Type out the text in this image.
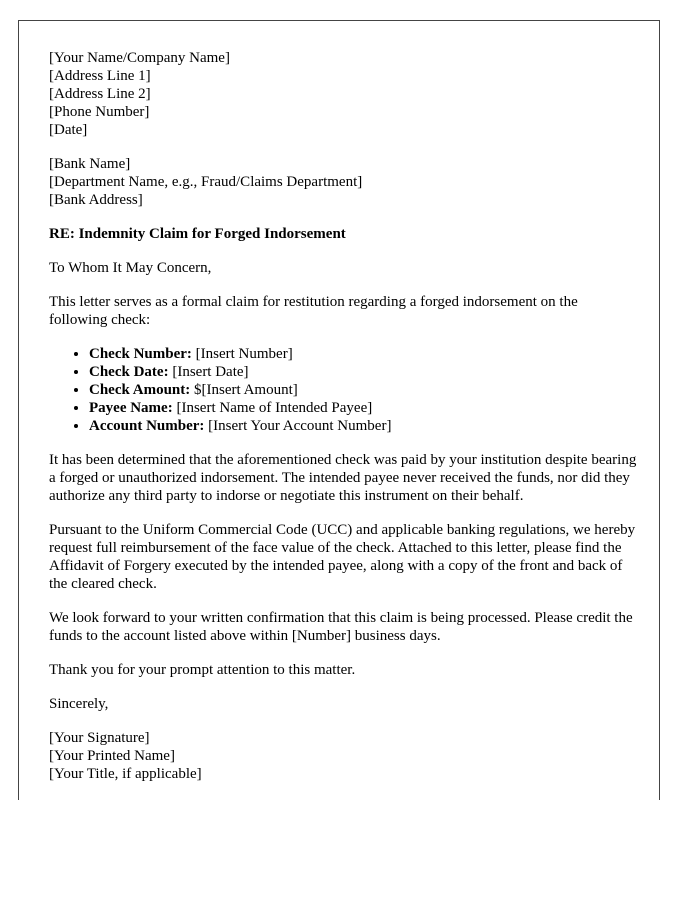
[Your Name/Company Name]
[Address Line 1]
[Address Line 2]
[Phone Number]
[Date]
[Bank Name]
[Department Name, e.g., Fraud/Claims Department]
[Bank Address]
RE: Indemnity Claim for Forged Indorsement

To Whom It May Concern,

This letter serves as a formal claim for restitution regarding a forged indorsement on the following check:

• Check Number: [Insert Number]
• Check Date: [Insert Date]
• Check Amount: $[Insert Amount]
• Payee Name: [Insert Name of Intended Payee]
• Account Number: [Insert Your Account Number]

It has been determined that the aforementioned check was paid by your institution despite bearing a forged or unauthorized indorsement. The intended payee never received the funds, nor did they authorize any third party to indorse or negotiate this instrument on their behalf.

Pursuant to the Uniform Commercial Code (UCC) and applicable banking regulations, we hereby request full reimbursement of the face value of the check. Attached to this letter, please find the Affidavit of Forgery executed by the intended payee, along with a copy of the front and back of the cleared check.

We look forward to your written confirmation that this claim is being processed. Please credit the funds to the account listed above within [Number] business days.

Thank you for your prompt attention to this matter.

Sincerely,

[Your Signature]
[Your Printed Name]
[Your Title, if applicable]
